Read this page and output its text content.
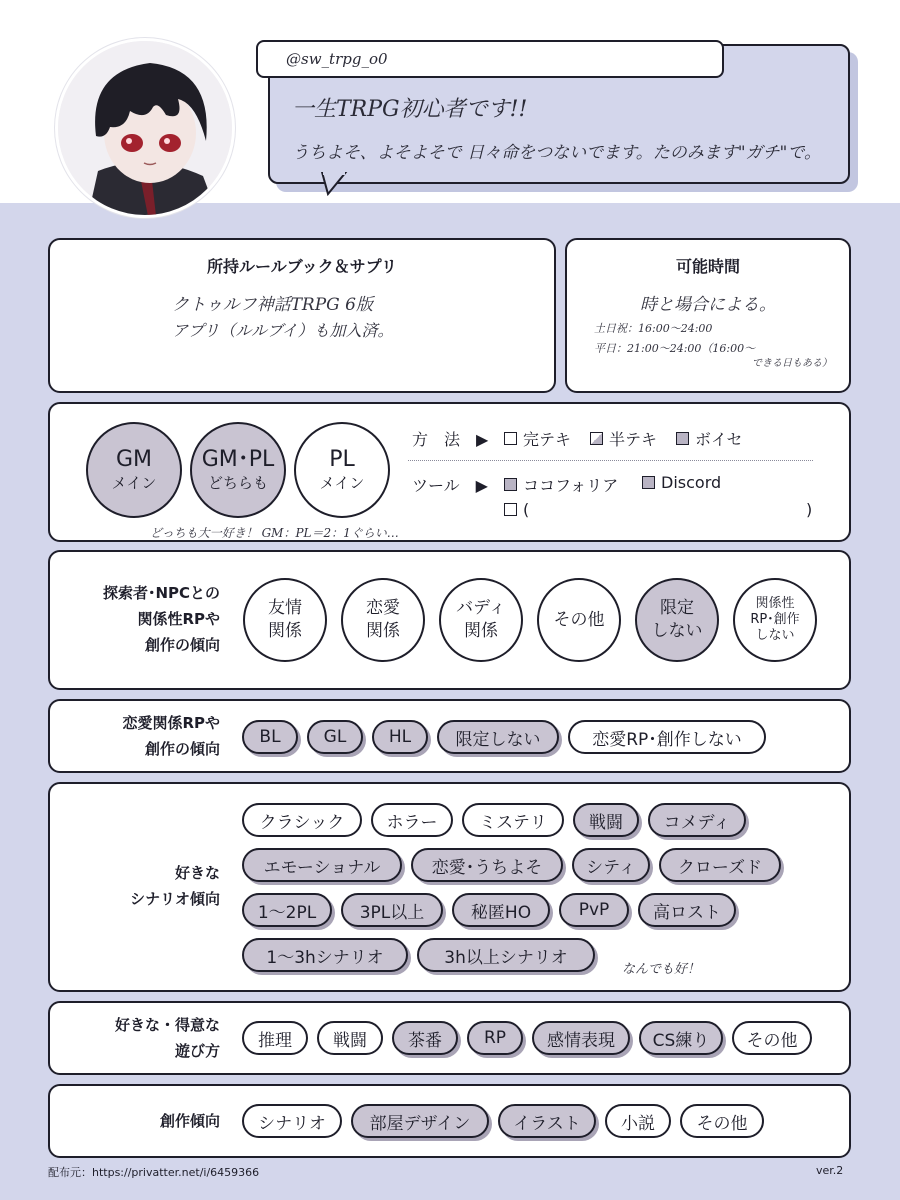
@sw_trpg_o0
一生TRPG初心者です!!
うちよそ、よそよそで 日々命をつないでます。たのみます"ガチ"で。
所持ルールブック＆サプリ
クトゥルフ神話TRPG 6版
アプリ（ルルブイ）も加入済。
可能時間
時と場合による。
土日祝：16:00〜24:00
平日：21:00〜24:00（16:00〜
できる日もある）
GM
メイン
GM･PL
どちらも
PL
メイン
どっちも大一好き！ GM：PL＝2：1ぐらい…
方　法　▶ 完テキ 半テキ ボイセ
ツール　▶ ココフォリア	Discord
(	)
探索者･NPCとの
関係性RPや
創作の傾向
友情
関係
恋愛
関係
バディ
関係
その他
限定
しない
関係性
RP･創作
しない
恋愛関係RPや
創作の傾向
BL	GL	HL	限定しない	恋愛RP･創作しない
好きな
シナリオ傾向
クラシック	ホラー	ミステリ	戦闘	コメディ
エモーショナル	恋愛･うちよそ	シティ	クローズド
1〜2PL	3PL以上	秘匿HO	PvP	高ロスト
1〜3hシナリオ	3h以上シナリオ
なんでも好！
好きな・得意な
遊び方
推理	戦闘	茶番	RP	感情表現	CS練り	その他
創作傾向	シナリオ	部屋デザイン	イラスト	小説	その他
配布元：https://privatter.net/i/6459366	ver.2
